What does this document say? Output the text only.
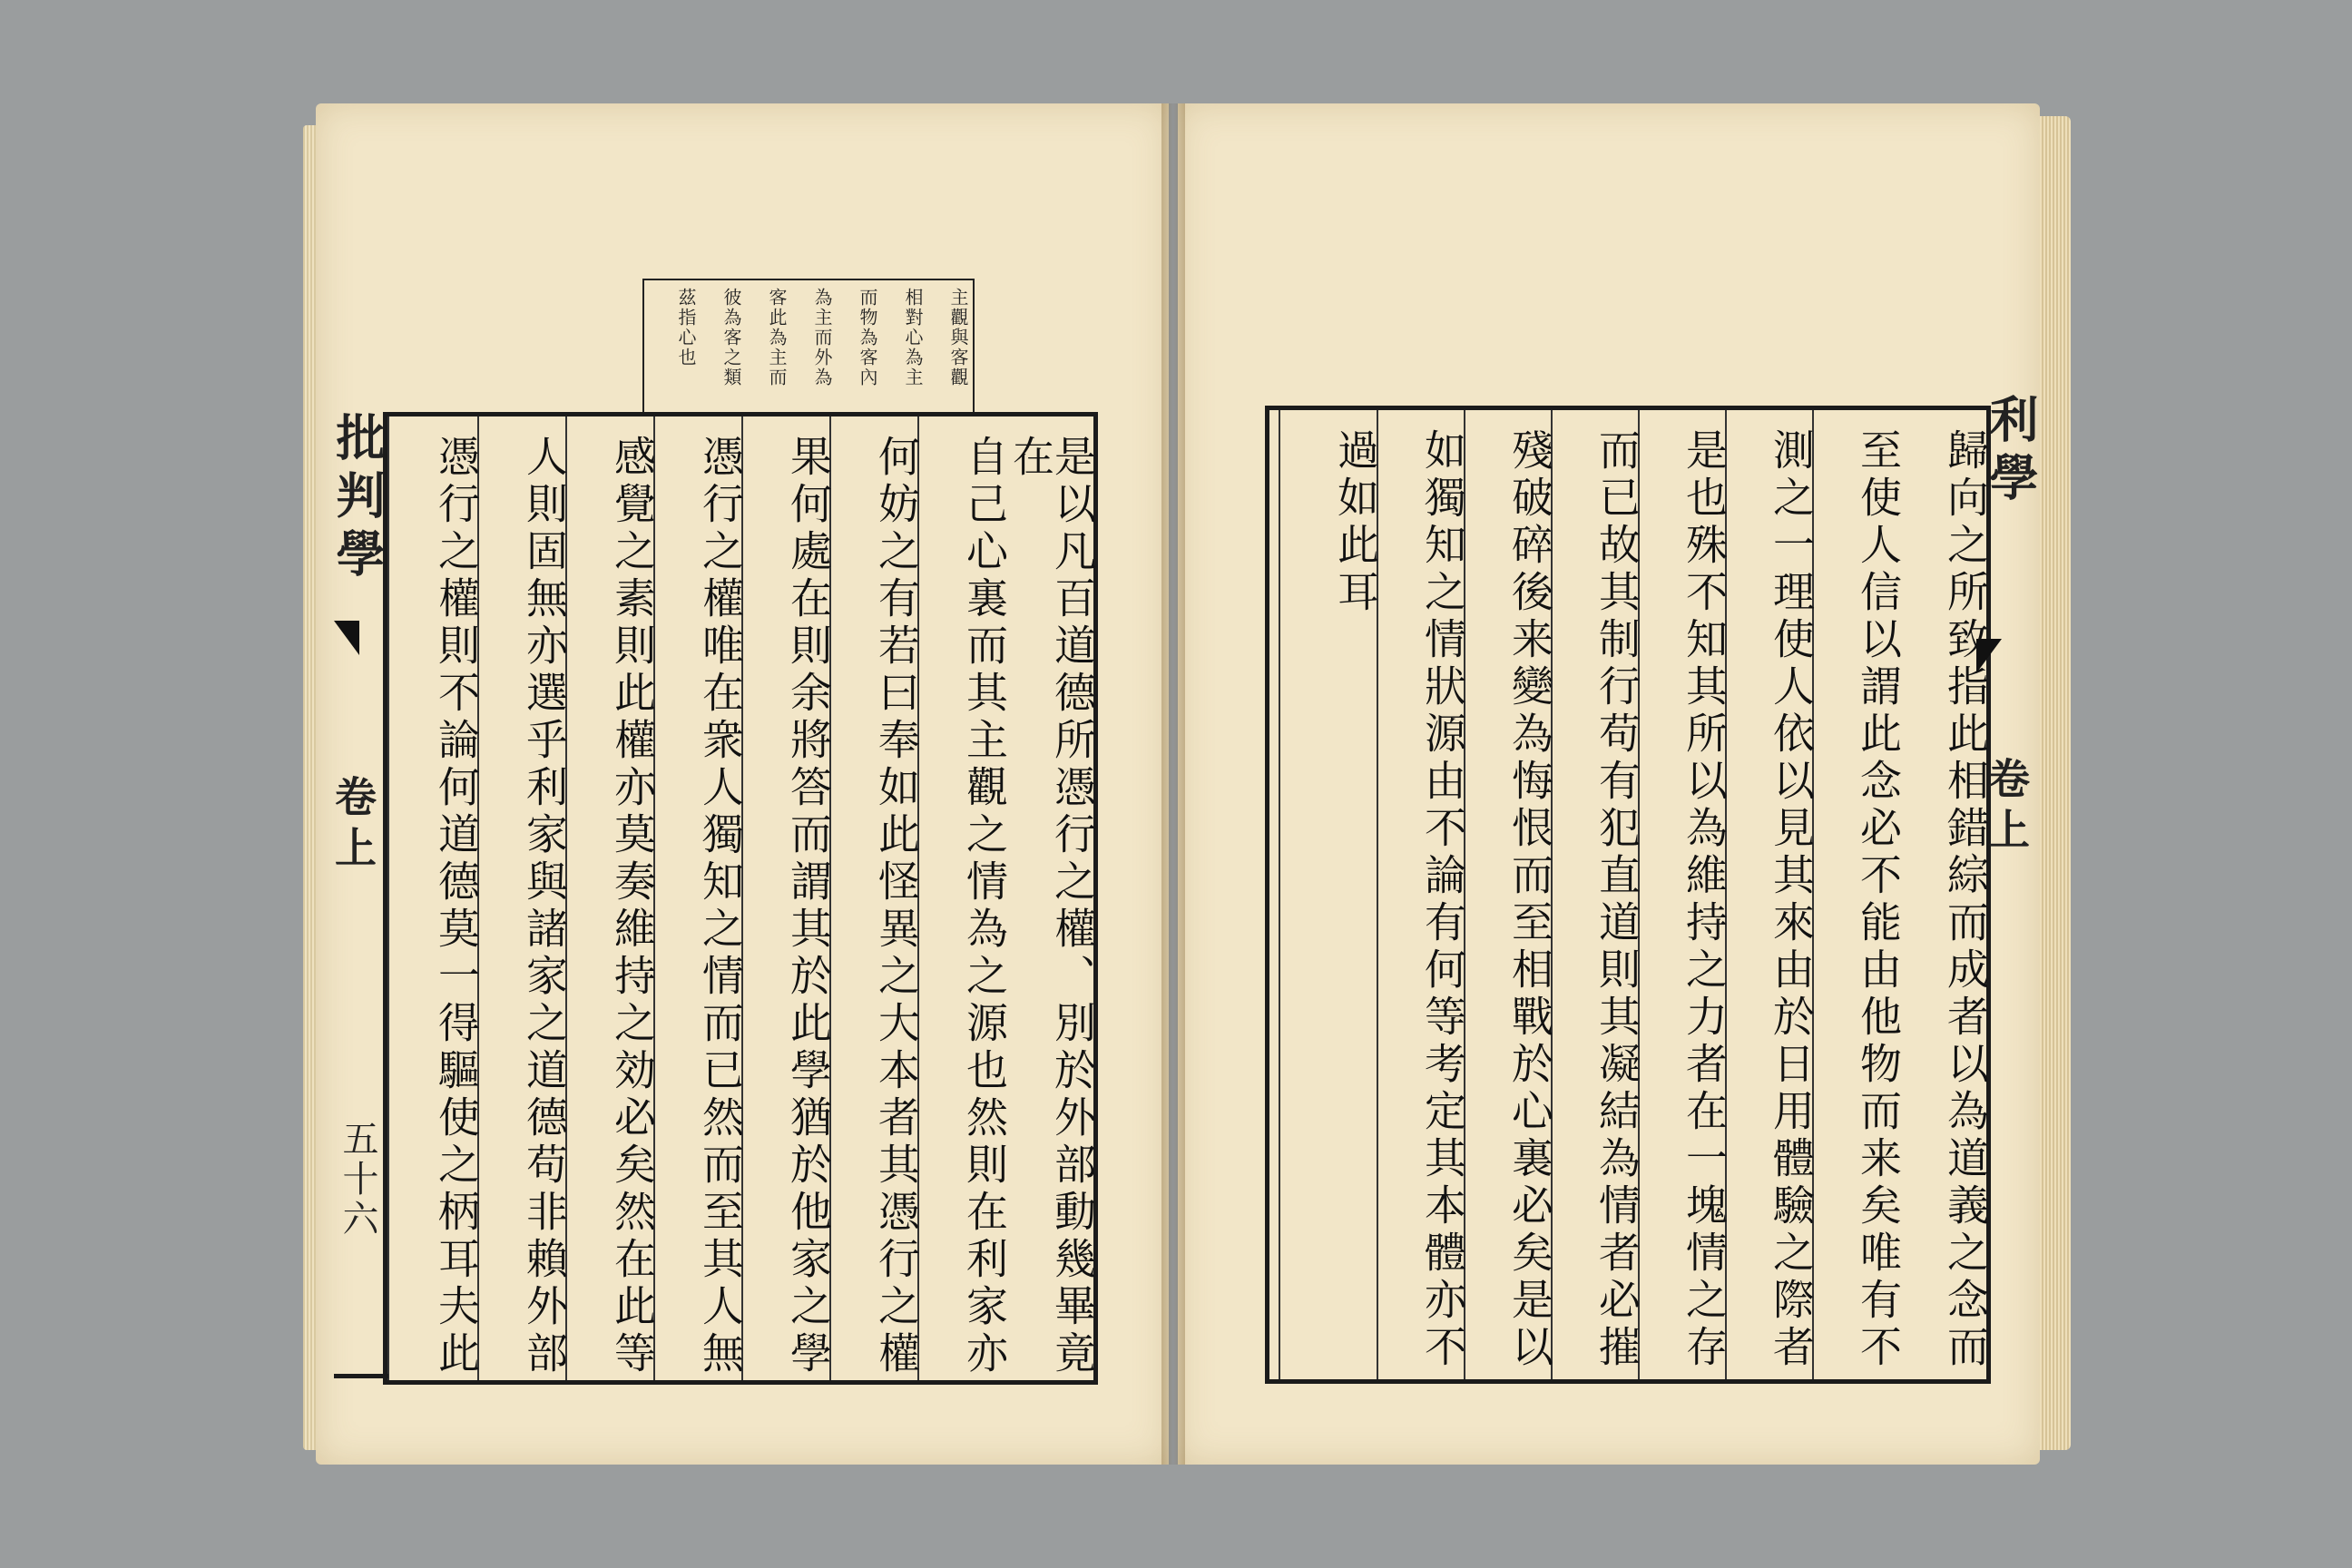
主觀與客觀
相對心為主
而物為客內
為主而外為
客此為主而
彼為客之類
茲指心也
批判學
卷上
五十六	是以凡百道德所憑行之權、別於外部動幾畢竟在
自己心裏而其主觀之情為之源也然則在利家亦
何妨之有若曰奉如此怪異之大本者其憑行之權
果何處在則余將答而謂其於此學猶於他家之學
憑行之權唯在衆人獨知之情而已然而至其人無
感覺之素則此權亦莫奏維持之効必矣然在此等
人則固無亦選乎利家與諸家之道德苟非賴外部
憑行之權則不論何道德莫一得驅使之柄耳夫此	歸向之所致指此相錯綜而成者以為道義之念而
至使人信以謂此念必不能由他物而来矣唯有不
測之一理使人依以見其來由於日用體驗之際者
是也殊不知其所以為維持之力者在一塊情之存
而已故其制行苟有犯直道則其凝結為情者必摧
殘破碎後来變為悔恨而至相戰於心裏必矣是以
如獨知之情狀源由不論有何等考定其本體亦不
過如此耳	利學
卷上
